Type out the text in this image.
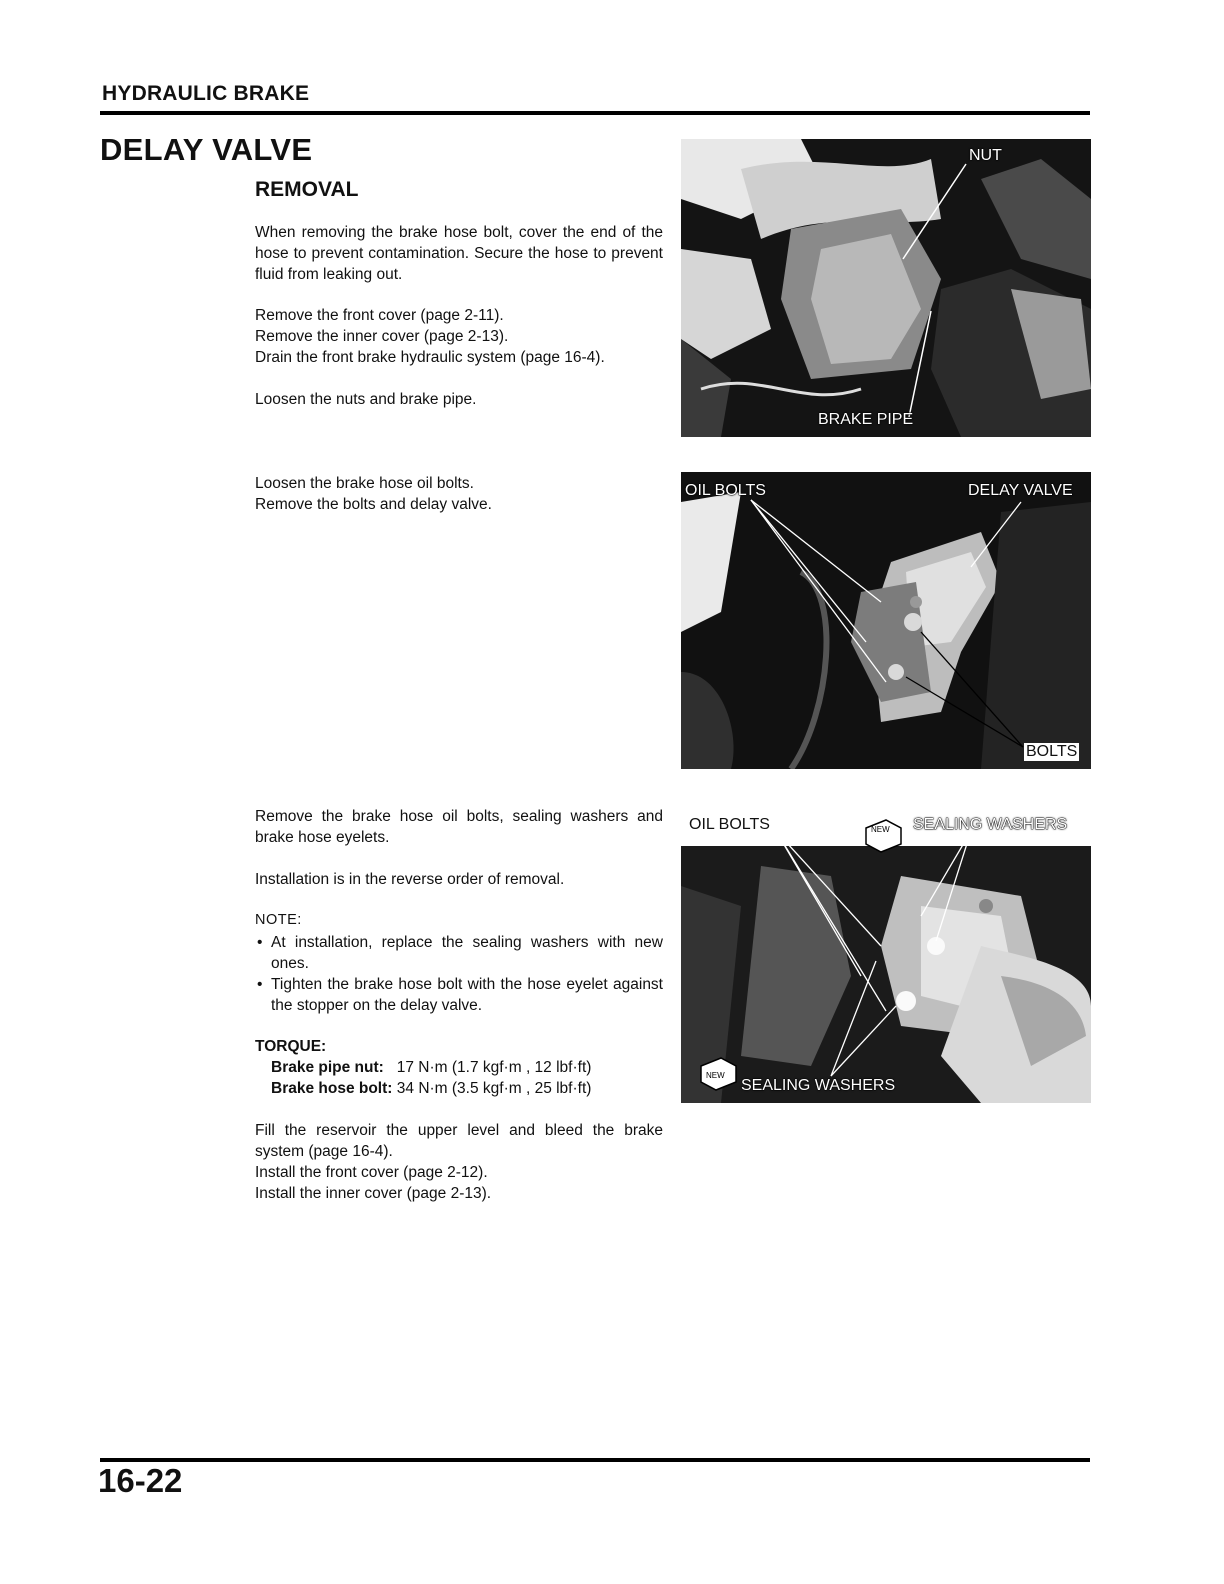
HYDRAULIC BRAKE
DELAY VALVE
REMOVAL
When removing the brake hose bolt, cover the end of the hose to prevent contamination. Secure the hose to prevent fluid from leaking out.

Remove the front cover (page 2-11).

Remove the inner cover (page 2-13).

Drain the front brake hydraulic system (page 16-4).

Loosen the nuts and brake pipe.

Loosen the brake hose oil bolts.

Remove the bolts and delay valve.

Remove the brake hose oil bolts, sealing washers and brake hose eyelets.
Installation is in the reverse order of removal.
NOTE:
• At installation, replace the sealing washers with new ones.
• Tighten the brake hose bolt with the hose eyelet against the stopper on the delay valve.

TORQUE:

Brake pipe nut: 17 N·m (1.7 kgf·m , 12 lbf·ft)

Brake hose bolt: 34 N·m (3.5 kgf·m , 25 lbf·ft)

Fill the reservoir the upper level and bleed the brake system (page 16-4).

Install the front cover (page 2-12).

Install the inner cover (page 2-13).

NUT
BRAKE PIPE
OIL BOLTS	DELAY VALVE
BOLTS
OIL BOLTS	NEW SEALING WASHERS
NEW
SEALING WASHERS
16-22
